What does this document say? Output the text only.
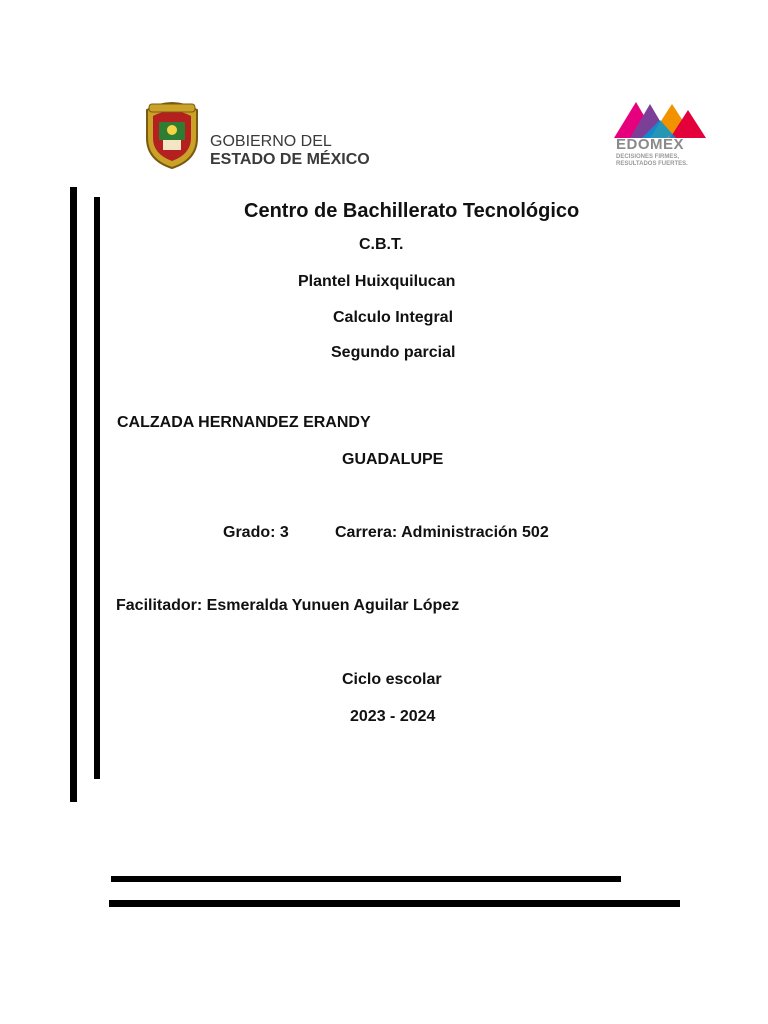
GOBIERNO DEL
ESTADO DE MÉXICO
EDOMÉX
DECISIONES FIRMES, RESULTADOS FUERTES.
Centro de Bachillerato Tecnológico
C.B.T.
Plantel Huixquilucan
Calculo Integral
Segundo parcial
CALZADA HERNANDEZ ERANDY
GUADALUPE
Grado: 3	Carrera: Administración 502
Facilitador: Esmeralda Yunuen Aguilar López
Ciclo escolar
2023 - 2024
